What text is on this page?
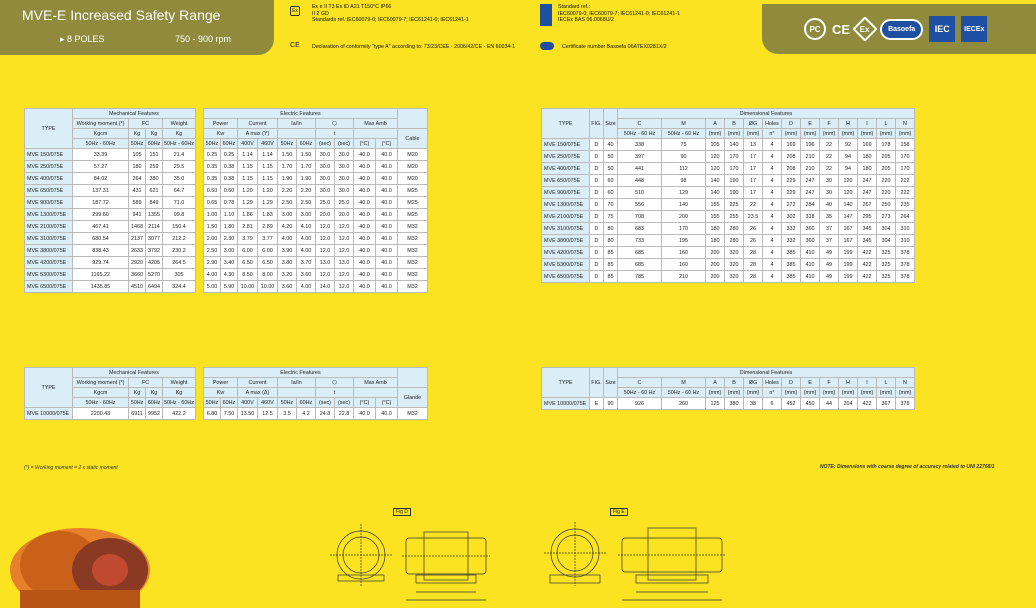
MVE-E Increased Safety Range
▸ 8 POLES	750 - 900 rpm
Ex
Ex e II T3 Ex tD A21 T150°C IP66
II 2 GD
Standards ref.:IEC60079-0; IEC60079-7; IEC61241-0; IEC61241-1
CE Declaration of conformity "type A" according to: 73/23/CEE - 2006/42/CE - EN 60034-1
Standard ref.:
IEC60079-0; IEC60079-7; IEC61241-0; IEC61241-1
IECEx BAS 06.0068U/2
Certificate number Basoefa 06ATEX0281X/2
PC CE Ex	Basoefa	IEC	IECEx
TYPE	Mechanical Features					Electric Features										
	Working moment (*)	FC		Weight		Power		Current		Ia/In		⬡		Max Amb		
	Kgcm	Kg	Kg	Kg		Kw		A max (Y)				t				Cable
	50Hz - 60Hz	50Hz	60Hz	50Hz - 60Hz		50Hz	60Hz	400V	460V	50Hz	60Hz	(sec)	(sec)	(°C)	(°C)	
MVE 150/075E	33.39	105	151	21.4		0.25	0.25	1.14	1.14	1.50	1.50	30.0	30.0	40.0	40.0	M20
MVE 250/075E	57.27	180	259	29.5		0.35	0.38	1.15	1.15	1.70	1.70	30.0	30.0	40.0	40.0	M20
MVE 400/075E	84.02	264	380	35.0		0.35	0.38	1.15	1.15	1.90	1.90	30.0	30.0	40.0	40.0	M20
MVE 650/075E	137.31	431	621	64.7		0.50	0.60	1.20	1.20	2.20	2.20	30.0	30.0	40.0	40.0	M25
MVE 900/075E	187.72	589	849	71.0		0.65	0.78	1.29	1.29	2.50	2.50	25.0	25.0	40.0	40.0	M25
MVE 1300/075E	299.60	941	1355	99.8		1.00	1.10	1.86	1.83	3.00	3.00	20.0	20.0	40.0	40.0	M25
MVE 2100/075E	467.41	1468	2114	150.4		1.50	1.80	2.81	2.89	4.20	4.10	12.0	12.0	40.0	40.0	M32
MVE 3100/075E	680.54	2137	3077	212.2		2.00	2.30	3.79	3.77	4.00	4.00	12.0	12.0	40.0	40.0	M32
MVE 3800/075E	838.43	2633	3792	230.2		2.50	3.00	6.00	6.00	3.90	4.00	12.0	12.0	40.0	40.0	M32
MVE 4200/075E	929.74	2920	4205	264.5		2.90	3.40	6.50	6.50	3.80	3.70	13.0	13.0	40.0	40.0	M32
MVE 5300/075E	1165.22	3660	5270	305		4.00	4.30	8.50	8.00	3.20	3.60	12.0	12.0	40.0	40.0	M32
MVE 6500/075E	1435.85	4510	6494	324.4		5.00	5.90	10.00	10.00	3.60	4.00	14.0	12.0	40.0	40.0	M32
TYPE	Mechanical Features					Electric Features										
	Working moment (*)	FC		Weight		Power		Current		Ia/In		⬡		Max Amb		
	Kgcm	Kg	Kg	Kg		Kw		A max (Δ)				t				Glande
	50Hz - 60Hz	50Hz	60Hz	50Hz - 60Hz		50Hz	60Hz	400V	460V	50Hz	60Hz	(sec)	(sec)	(°C)	(°C)	
MVE 10000/075E	2200.43	6911	9952	422.2		6.80	7.50	13.50	12.5	3.5	4.2	24.8	22.8	40.0	40.0	M32
(*) = Working moment = 2 x static moment
TYPE	FIG.	Size	Dimensional Features												
			C	M	A	B	ØG	Holes	D	E	F	H	I	L	N
			50Hz - 60 Hz	50Hz - 60 Hz	(mm)	(mm)	(mm)	n°	(mm)	(mm)	(mm)	(mm)	(mm)	(mm)	(mm)
MVE 150/075E	D	40	338	75	105	140	13	4	169	196	22	92	169	178	158
MVE 250/075E	D	50	397	90	120	170	17	4	208	210	22	94	180	205	170
MVE 400/075E	D	50	441	112	120	170	17	4	208	210	22	94	180	205	170
MVE 650/075E	D	60	448	98	140	190	17	4	229	247	30	120	247	220	222
MVE 900/075E	D	60	510	129	140	190	17	4	229	247	30	120	247	220	222
MVE 1300/075E	D	70	556	140	155	225	22	4	272	284	40	140	267	250	235
MVE 2100/075E	D	75	708	200	155	255	23.5	4	302	318	35	147	295	273	264
MVE 3100/075E	D	80	683	170	180	280	26	4	332	360	37	167	345	304	310
MVE 3800/075E	D	80	733	195	180	280	26	4	332	360	37	167	345	304	310
MVE 4200/075E	D	85	685	160	200	320	28	4	385	410	49	199	422	325	378
MVE 5300/075E	D	85	685	160	200	320	28	4	385	410	49	199	422	325	378
MVE 6500/075E	D	85	785	210	200	320	28	4	385	410	49	199	422	325	378
TYPE	FIG.	Size	Dimensional Features												
			C	M	A	B	ØG	Holes	D	E	F	H	I	L	N
			50Hz - 60 Hz	50Hz - 60 Hz	(mm)	(mm)	(mm)	n°	(mm)	(mm)	(mm)	(mm)	(mm)	(mm)	(mm)
MVE 10000/075E	E	90	926	260	125	380	38	6	452	450	44	204	422	367	378
NOTE: Dimensions with coarse degree of accuracy related to UNI 22768/1
Fig D	Fig E
